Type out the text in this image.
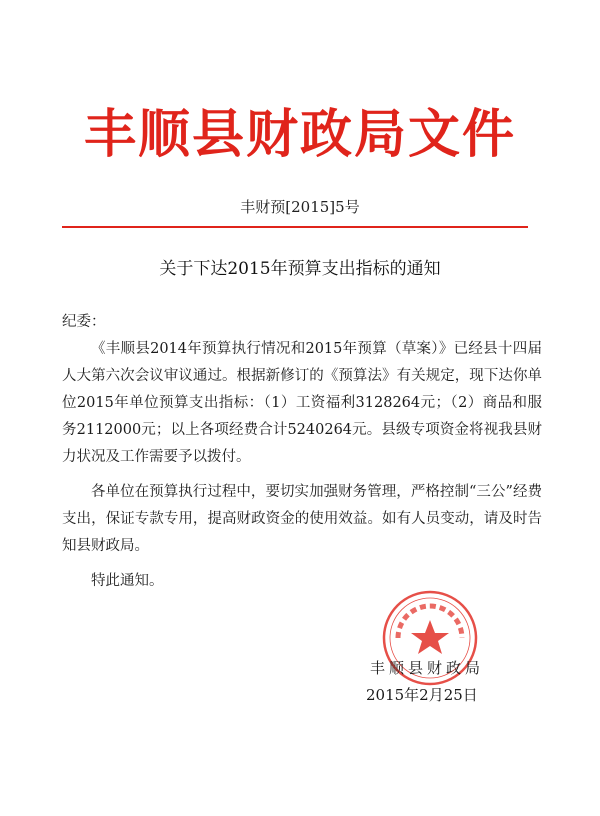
丰顺县财政局文件
丰财预[2015]5号
关于下达2015年预算支出指标的通知

纪委：

《丰顺县2014年预算执行情况和2015年预算（草案）》已经县十四届人大第六次会议审议通过。根据新修订的《预算法》有关规定，现下达你单位2015年单位预算支出指标：（1）工资福利3128264元；（2）商品和服务2112000元；以上各项经费合计5240264元。县级专项资金将视我县财力状况及工作需要予以拨付。

各单位在预算执行过程中，要切实加强财务管理，严格控制“三公”经费支出，保证专款专用，提高财政资金的使用效益。如有人员变动，请及时告知县财政局。

特此通知。

丰顺县财政局
2015年2月25日
